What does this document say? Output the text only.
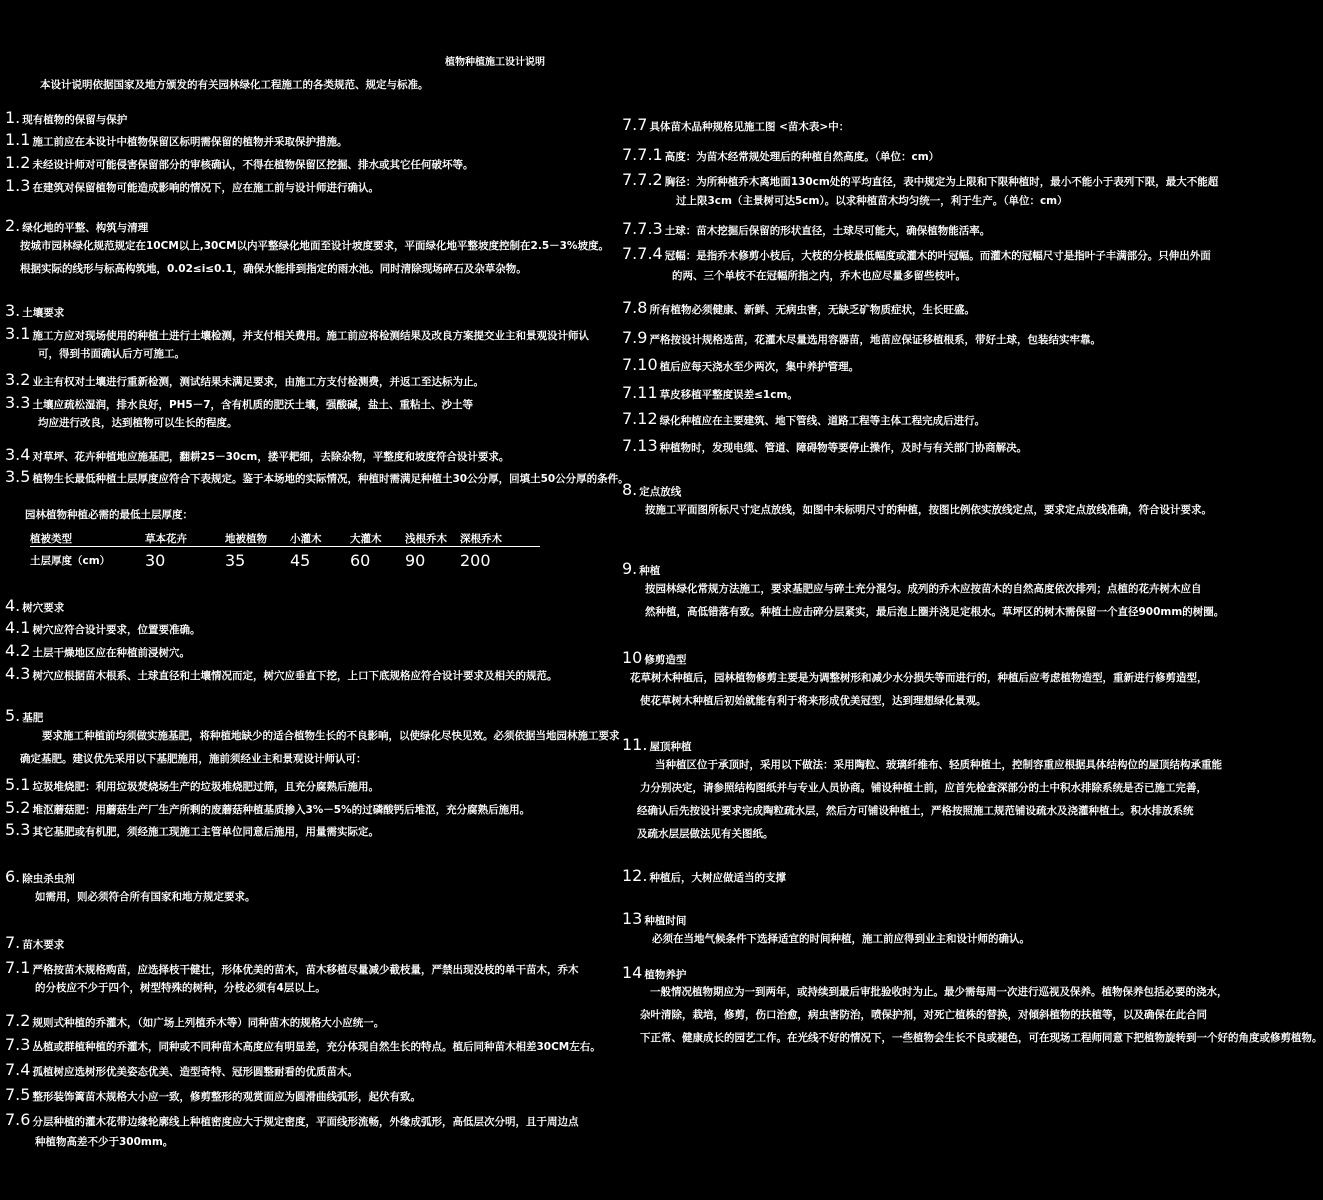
植物种植施工设计说明
本设计说明依据国家及地方颁发的有关园林绿化工程施工的各类规范、规定与标准。
1. 现有植物的保留与保护
1.1 施工前应在本设计中植物保留区标明需保留的植物并采取保护措施。
1.2 未经设计师对可能侵害保留部分的审核确认，不得在植物保留区挖掘、排水或其它任何破坏等。
1.3 在建筑对保留植物可能造成影响的情况下，应在施工前与设计师进行确认。
2. 绿化地的平整、构筑与清理
按城市园林绿化规范规定在10CM以上,30CM以内平整绿化地面至设计坡度要求，平面绿化地平整坡度控制在2.5－3%坡度。
根据实际的线形与标高构筑地，0.02≤i≤0.1，确保水能排到指定的雨水池。同时清除现场碎石及杂草杂物。
3. 土壤要求
3.1 施工方应对现场使用的种植土进行土壤检测，并支付相关费用。施工前应将检测结果及改良方案提交业主和景观设计师认
可，得到书面确认后方可施工。
3.2 业主有权对土壤进行重新检测，测试结果未满足要求，由施工方支付检测费，并返工至达标为止。
3.3 土壤应疏松湿润，排水良好，PH5－7，含有机质的肥沃土壤，强酸碱，盐土、重粘土、沙土等
均应进行改良，达到植物可以生长的程度。
3.4 对草坪、花卉种植地应施基肥，翻耕25－30cm，搂平耙细，去除杂物，平整度和坡度符合设计要求。
3.5 植物生长最低种植土层厚度应符合下表规定。鉴于本场地的实际情况，种植时需满足种植土30公分厚，回填土50公分厚的条件。
园林植物种植必需的最低土层厚度：
4. 树穴要求
4.1 树穴应符合设计要求，位置要准确。
4.2 土层干燥地区应在种植前浸树穴。
4.3 树穴应根据苗木根系、土球直径和土壤情况而定，树穴应垂直下挖，上口下底规格应符合设计要求及相关的规范。
5. 基肥
要求施工种植前均须做实施基肥，将种植地缺少的适合植物生长的不良影响，以使绿化尽快见效。必须依据当地园林施工要求
确定基肥。建议优先采用以下基肥施用，施前须经业主和景观设计师认可：
5.1 垃圾堆烧肥：利用垃圾焚烧场生产的垃圾堆烧肥过筛，且充分腐熟后施用。
5.2 堆沤蘑菇肥：用蘑菇生产厂生产所剩的废蘑菇种植基质掺入3%－5%的过磷酸钙后堆沤，充分腐熟后施用。
5.3 其它基肥或有机肥，须经施工现施工主管单位同意后施用，用量需实际定。
6. 除虫杀虫剂
如需用，则必须符合所有国家和地方规定要求。
7. 苗木要求
7.1 严格按苗木规格购苗，应选择枝干健壮，形体优美的苗木，苗木移植尽量减少截枝量，严禁出现没枝的单干苗木，乔木
的分枝应不少于四个，树型特殊的树种，分枝必须有4层以上。
7.2 规则式种植的乔灌木，（如广场上列植乔木等）同种苗木的规格大小应统一。
7.3 丛植或群植种植的乔灌木，同种或不同种苗木高度应有明显差，充分体现自然生长的特点。植后同种苗木相差30CM左右。
7.4 孤植树应选树形优美姿态优美、造型奇特、冠形圆整耐看的优质苗木。
7.5 整形装饰篱苗木规格大小应一致，修剪整形的观赏面应为圆滑曲线弧形，起伏有致。
7.6 分层种植的灌木花带边缘轮廓线上种植密度应大于规定密度，平面线形流畅，外缘成弧形，高低层次分明，且于周边点
种植物高差不少于300mm。
植被类型	草本花卉	地被植物	小灌木	大灌木	浅根乔木	深根乔木
土层厚度（cm）	30	35	45	60	90	200
7.7 具体苗木品种规格见施工图 <苗木表>中：
7.7.1 高度：为苗木经常规处理后的种植自然高度。（单位：cm）
7.7.2 胸径：为所种植乔木离地面130cm处的平均直径，表中规定为上限和下限种植时，最小不能小于表列下限，最大不能超
过上限3cm（主景树可达5cm）。以求种植苗木均匀统一，利于生产。（单位：cm）
7.7.3 土球：苗木挖掘后保留的形状直径，土球尽可能大，确保植物能活率。
7.7.4 冠幅：是指乔木修剪小枝后，大枝的分枝最低幅度或灌木的叶冠幅。而灌木的冠幅尺寸是指叶子丰满部分。只伸出外面
的两、三个单枝不在冠幅所指之内，乔木也应尽量多留些枝叶。
7.8 所有植物必须健康、新鲜、无病虫害，无缺乏矿物质症状，生长旺盛。
7.9 严格按设计规格选苗，花灌木尽量选用容器苗，地苗应保证移植根系，带好土球，包装结实牢靠。
7.10 植后应每天浇水至少两次，集中养护管理。
7.11 草皮移植平整度误差≤1cm。
7.12 绿化种植应在主要建筑、地下管线、道路工程等主体工程完成后进行。
7.13 种植物时，发现电缆、管道、障碍物等要停止操作，及时与有关部门协商解决。
8. 定点放线
按施工平面图所标尺寸定点放线，如图中未标明尺寸的种植，按图比例依实放线定点，要求定点放线准确，符合设计要求。
9. 种植
按园林绿化常规方法施工，要求基肥应与碎土充分混匀。成列的乔木应按苗木的自然高度依次排列；点植的花卉树木应自
然种植，高低错落有致。种植土应击碎分层紧实，最后泡上圈并浇足定根水。草坪区的树木需保留一个直径900mm的树圈。
10 修剪造型
花草树木种植后，园林植物修剪主要是为调整树形和减少水分损失等而进行的，种植后应考虑植物造型，重新进行修剪造型，
使花草树木种植后初始就能有利于将来形成优美冠型，达到理想绿化景观。
11. 屋顶种植
当种植区位于承顶时，采用以下做法：采用陶粒、玻璃纤维布、轻质种植土，控制容重应根据具体结构位的屋顶结构承重能
力分别决定，请参照结构图纸并与专业人员协商。铺设种植土前，应首先检查深部分的土中积水排除系统是否已施工完善，
经确认后先按设计要求完成陶粒疏水层，然后方可铺设种植土，严格按照施工规范铺设疏水及浇灌种植土。积水排放系统
及疏水层层做法见有关图纸。
12. 种植后，大树应做适当的支撑
13 种植时间
必须在当地气候条件下选择适宜的时间种植，施工前应得到业主和设计师的确认。
14 植物养护
一般情况植物期应为一到两年，或持续到最后审批验收时为止。最少需每周一次进行巡视及保养。植物保养包括必要的浇水，
杂叶清除，栽培，修剪，伤口治愈，病虫害防治，喷保护剂，对死亡植株的替换，对倾斜植物的扶植等，以及确保在此合同
下正常、健康成长的园艺工作。在光线不好的情况下，一些植物会生长不良或褪色，可在现场工程师同意下把植物旋转到一个好的角度或修剪植物。
